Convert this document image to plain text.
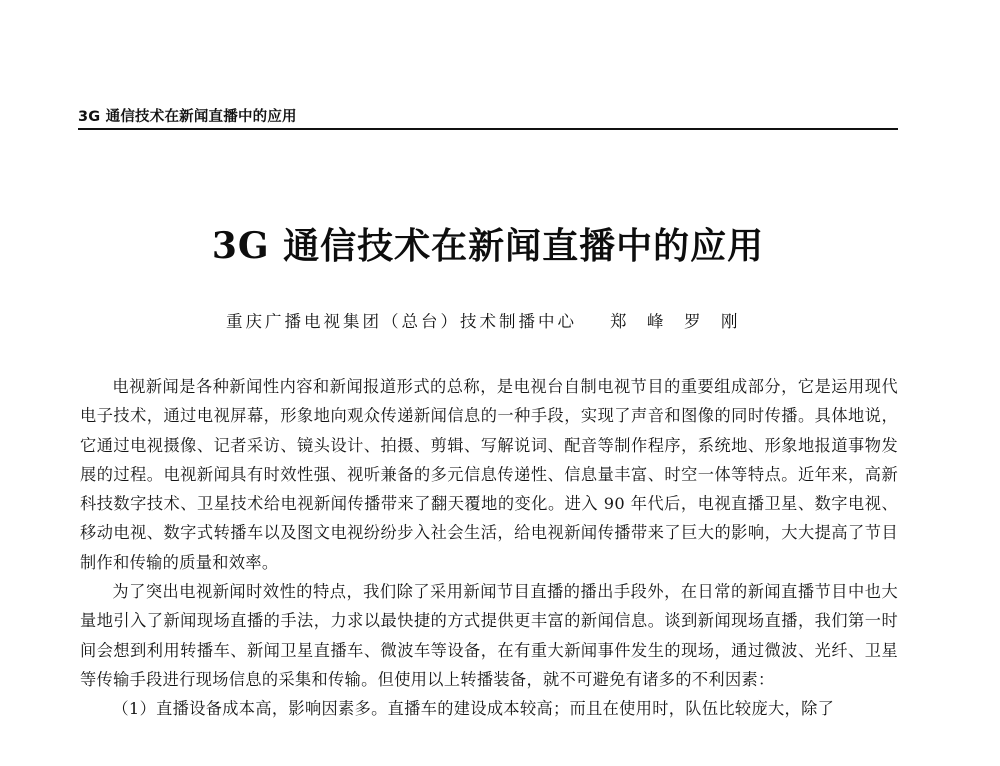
3G 通信技术在新闻直播中的应用
3G 通信技术在新闻直播中的应用
重庆广播电视集团（总台）技术制播中心 郑　峰　罗　刚

电视新闻是各种新闻性内容和新闻报道形式的总称，是电视台自制电视节目的重要组成部分，它是运用现代电子技术，通过电视屏幕，形象地向观众传递新闻信息的一种手段，实现了声音和图像的同时传播。具体地说，它通过电视摄像、记者采访、镜头设计、拍摄、剪辑、写解说词、配音等制作程序，系统地、形象地报道事物发展的过程。电视新闻具有时效性强、视听兼备的多元信息传递性、信息量丰富、时空一体等特点。近年来，高新科技数字技术、卫星技术给电视新闻传播带来了翻天覆地的变化。进入 90 年代后，电视直播卫星、数字电视、移动电视、数字式转播车以及图文电视纷纷步入社会生活，给电视新闻传播带来了巨大的影响，大大提高了节目制作和传输的质量和效率。

为了突出电视新闻时效性的特点，我们除了采用新闻节目直播的播出手段外，在日常的新闻直播节目中也大量地引入了新闻现场直播的手法，力求以最快捷的方式提供更丰富的新闻信息。谈到新闻现场直播，我们第一时间会想到利用转播车、新闻卫星直播车、微波车等设备，在有重大新闻事件发生的现场，通过微波、光纤、卫星等传输手段进行现场信息的采集和传输。但使用以上转播装备，就不可避免有诸多的不利因素：

（1）直播设备成本高，影响因素多。直播车的建设成本较高；而且在使用时，队伍比较庞大，除了
